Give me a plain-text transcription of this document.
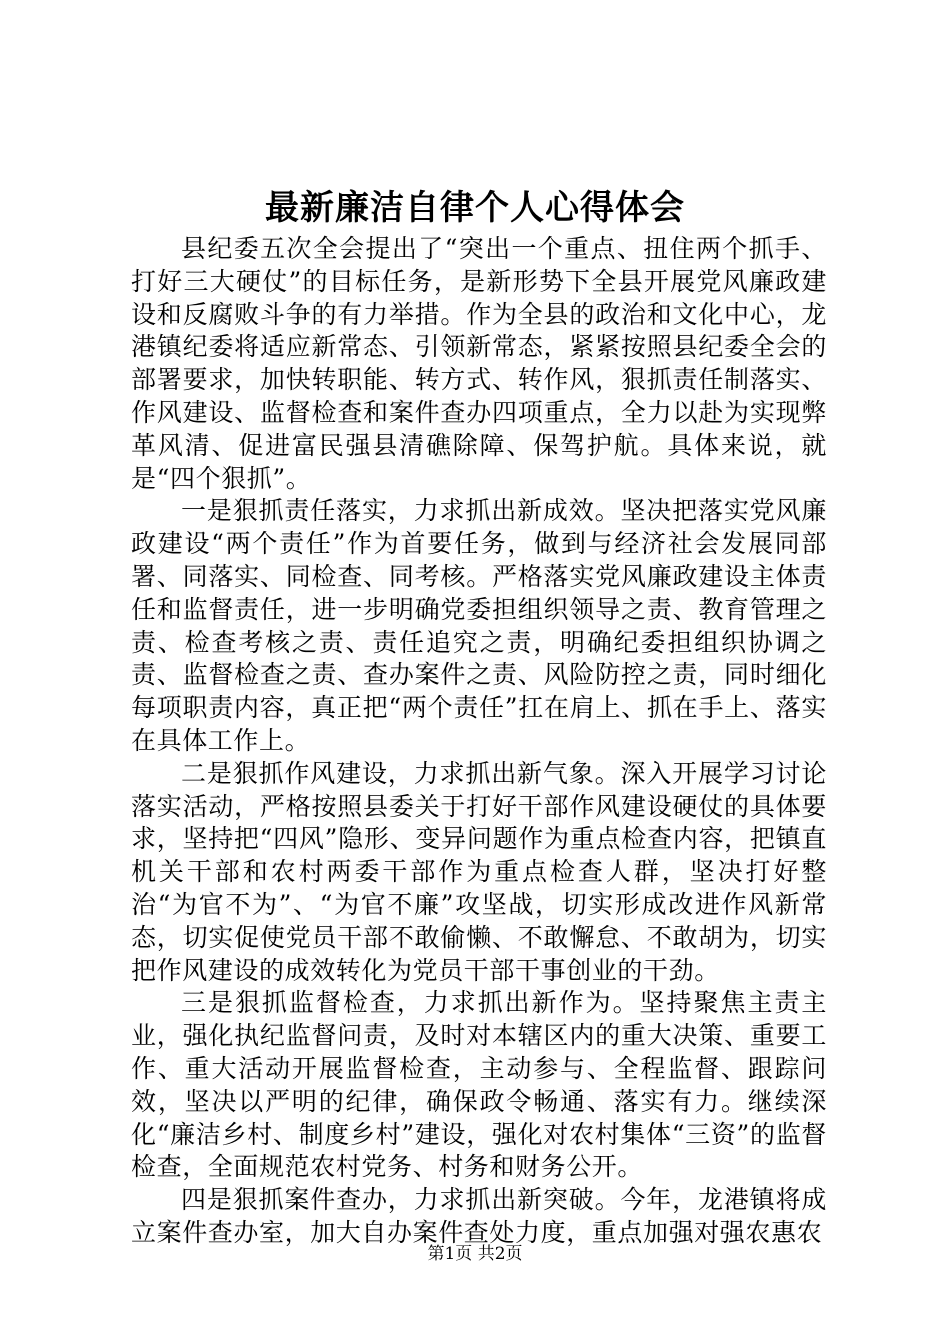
最新廉洁自律个人心得体会

县纪委五次全会提出了“突出一个重点、扭住两个抓手、打好三大硬仗”的目标任务，是新形势下全县开展党风廉政建设和反腐败斗争的有力举措。作为全县的政治和文化中心，龙港镇纪委将适应新常态、引领新常态，紧紧按照县纪委全会的部署要求，加快转职能、转方式、转作风，狠抓责任制落实、作风建设、监督检查和案件查办四项重点，全力以赴为实现弊革风清、促进富民强县清礁除障、保驾护航。具体来说，就是“四个狠抓”。

一是狠抓责任落实，力求抓出新成效。坚决把落实党风廉政建设“两个责任”作为首要任务，做到与经济社会发展同部署、同落实、同检查、同考核。严格落实党风廉政建设主体责任和监督责任，进一步明确党委担组织领导之责、教育管理之责、检查考核之责、责任追究之责，明确纪委担组织协调之责、监督检查之责、查办案件之责、风险防控之责，同时细化每项职责内容，真正把“两个责任”扛在肩上、抓在手上、落实在具体工作上。

二是狠抓作风建设，力求抓出新气象。深入开展学习讨论落实活动，严格按照县委关于打好干部作风建设硬仗的具体要求，坚持把“四风”隐形、变异问题作为重点检查内容，把镇直机关干部和农村两委干部作为重点检查人群，坚决打好整治“为官不为”、“为官不廉”攻坚战，切实形成改进作风新常态，切实促使党员干部不敢偷懒、不敢懈怠、不敢胡为，切实把作风建设的成效转化为党员干部干事创业的干劲。

三是狠抓监督检查，力求抓出新作为。坚持聚焦主责主业，强化执纪监督问责，及时对本辖区内的重大决策、重要工作、重大活动开展监督检查，主动参与、全程监督、跟踪问效，坚决以严明的纪律，确保政令畅通、落实有力。继续深化“廉洁乡村、制度乡村”建设，强化对农村集体“三资”的监督检查，全面规范农村党务、村务和财务公开。

四是狠抓案件查办，力求抓出新突破。今年，龙港镇将成立案件查办室，加大自办案件查处力度，重点加强对强农惠农

第1页 共2页
